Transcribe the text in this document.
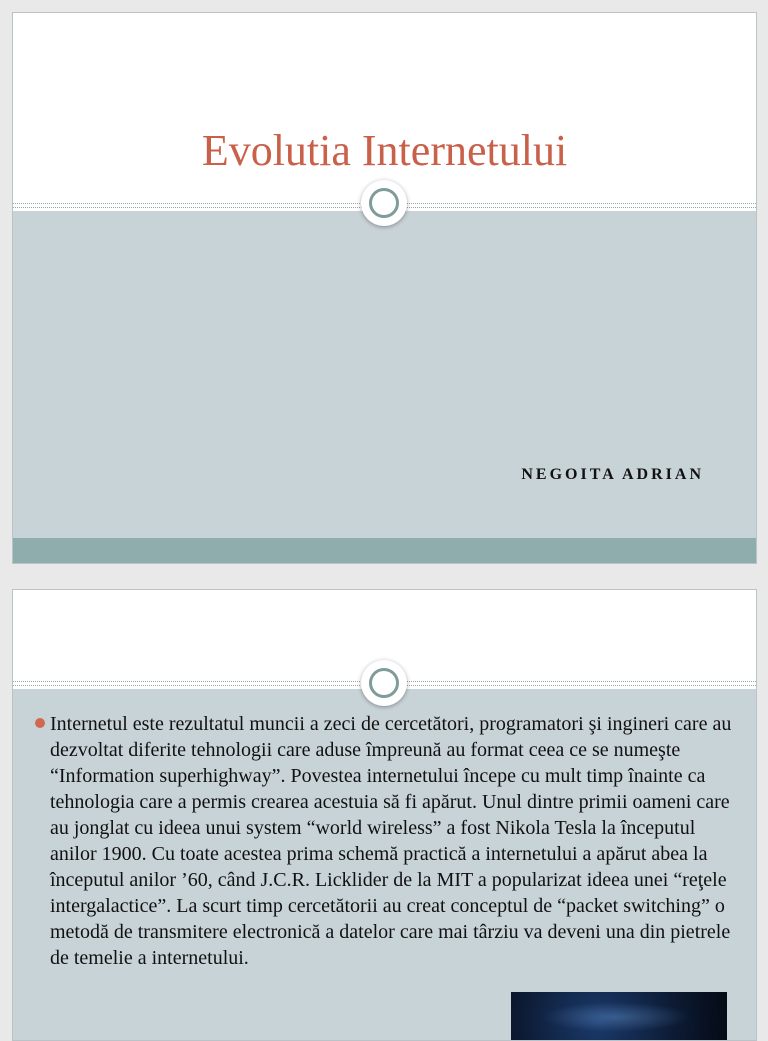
Evolutia Internetului
NEGOITA ADRIAN
Internetul este rezultatul muncii a zeci de cercetători, programatori şi ingineri care au dezvoltat diferite tehnologii care aduse împreună au format ceea ce se numeşte “Information superhighway”. Povestea internetului începe cu mult timp înainte ca tehnologia care a permis crearea acestuia să fi apărut. Unul dintre primii oameni care au jonglat cu ideea unui system “world wireless” a fost Nikola Tesla la începutul anilor 1900. Cu toate acestea prima schemă practică a internetului a apărut abea la începutul anilor ’60, când J.C.R. Licklider de la MIT a popularizat ideea unei “reţele intergalactice”. La scurt timp cercetătorii au creat conceptul de “packet switching” o metodă de transmitere electronică a datelor care mai târziu va deveni una din pietrele de temelie a internetului.
